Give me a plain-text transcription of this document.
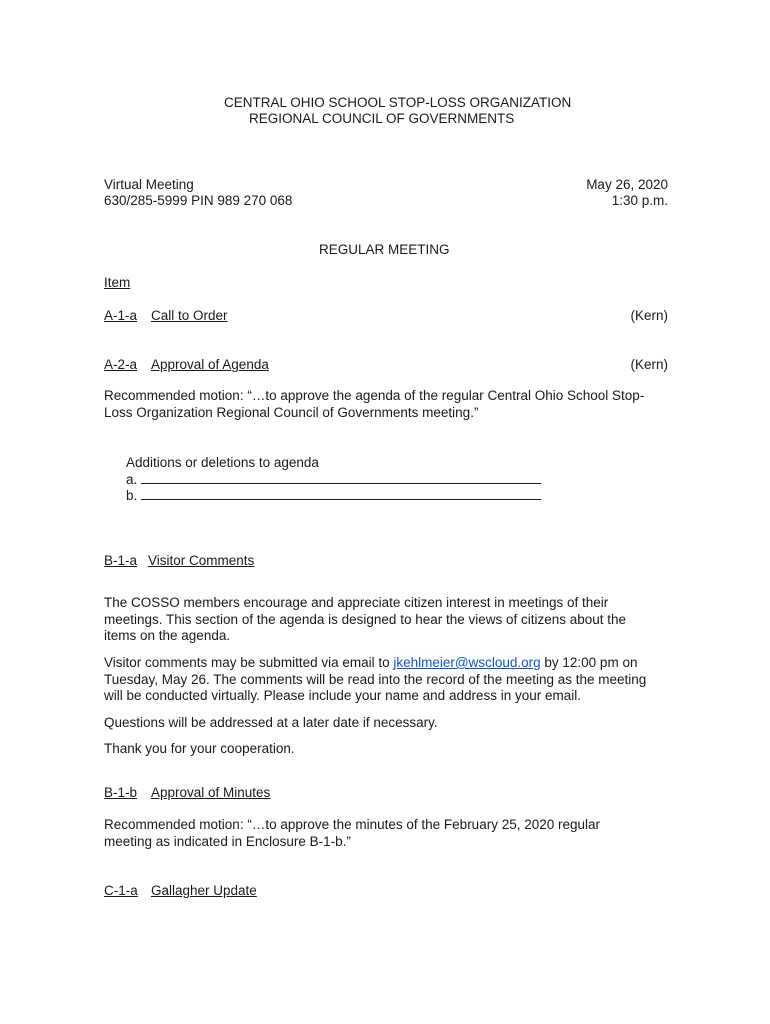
CENTRAL OHIO SCHOOL STOP-LOSS ORGANIZATION
REGIONAL COUNCIL OF GOVERNMENTS
Virtual Meeting
630/285-5999 PIN 989 270 068
May 26, 2020
1:30 p.m.
REGULAR MEETING
Item
A-1-a Call to Order	(Kern)
A-2-a Approval of Agenda	(Kern)

Recommended motion: “…to approve the agenda of the regular Central Ohio School Stop-Loss Organization Regional Council of Governments meeting.”

Additions or deletions to agenda
a.
b.
B-1-a Visitor Comments

The COSSO members encourage and appreciate citizen interest in meetings of their meetings. This section of the agenda is designed to hear the views of citizens about the items on the agenda.

Visitor comments may be submitted via email to jkehlmeier@wscloud.org by 12:00 pm on Tuesday, May 26. The comments will be read into the record of the meeting as the meeting will be conducted virtually. Please include your name and address in your email.

Questions will be addressed at a later date if necessary.
Thank you for your cooperation.
B-1-b Approval of Minutes

Recommended motion: “…to approve the minutes of the February 25, 2020 regular meeting as indicated in Enclosure B-1-b.”

C-1-a Gallagher Update
